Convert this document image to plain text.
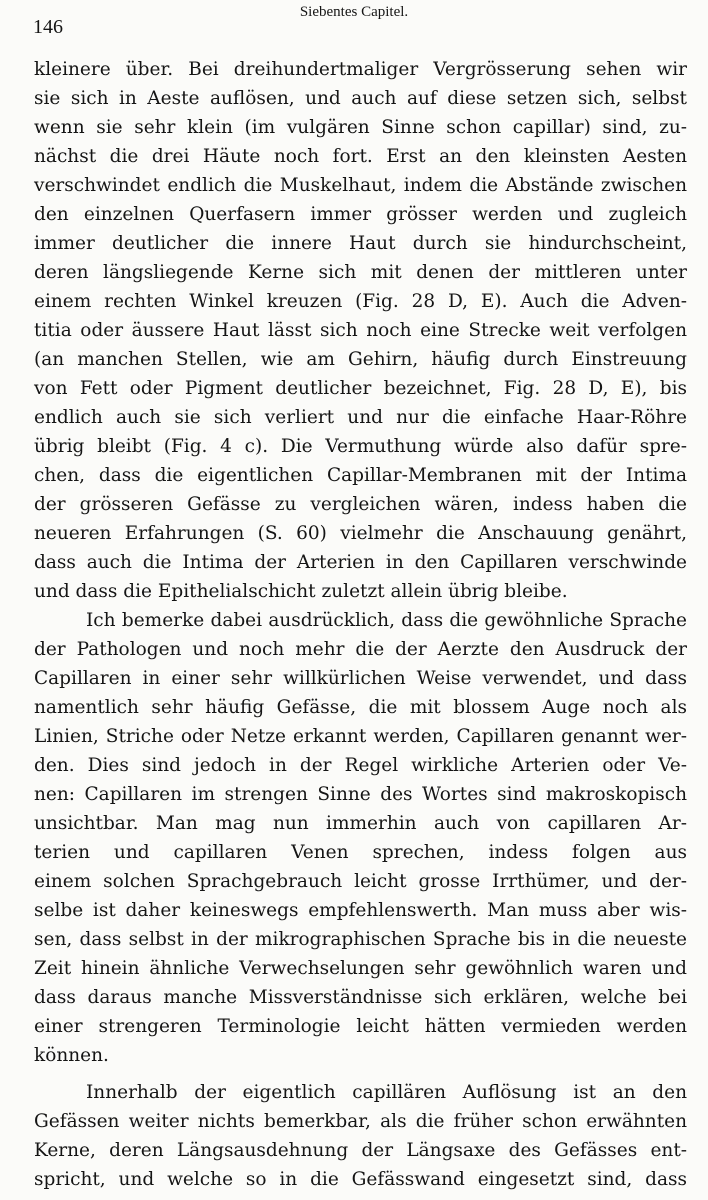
146
Siebentes Capitel.
kleinere über. Bei dreihundertmaliger Vergrösserung sehen wir
sie sich in Aeste auflösen, und auch auf diese setzen sich, selbst
wenn sie sehr klein (im vulgären Sinne schon capillar) sind, zu-
nächst die drei Häute noch fort. Erst an den kleinsten Aesten
verschwindet endlich die Muskelhaut, indem die Abstände zwischen
den einzelnen Querfasern immer grösser werden und zugleich
immer deutlicher die innere Haut durch sie hindurchscheint,
deren längsliegende Kerne sich mit denen der mittleren unter
einem rechten Winkel kreuzen (Fig. 28 D, E). Auch die Adven-
titia oder äussere Haut lässt sich noch eine Strecke weit verfolgen
(an manchen Stellen, wie am Gehirn, häufig durch Einstreuung
von Fett oder Pigment deutlicher bezeichnet, Fig. 28 D, E), bis
endlich auch sie sich verliert und nur die einfache Haar-Röhre
übrig bleibt (Fig. 4 c). Die Vermuthung würde also dafür spre-
chen, dass die eigentlichen Capillar-Membranen mit der Intima
der grösseren Gefässe zu vergleichen wären, indess haben die
neueren Erfahrungen (S. 60) vielmehr die Anschauung genährt,
dass auch die Intima der Arterien in den Capillaren verschwinde
und dass die Epithelialschicht zuletzt allein übrig bleibe.
Ich bemerke dabei ausdrücklich, dass die gewöhnliche Sprache
der Pathologen und noch mehr die der Aerzte den Ausdruck der
Capillaren in einer sehr willkürlichen Weise verwendet, und dass
namentlich sehr häufig Gefässe, die mit blossem Auge noch als
Linien, Striche oder Netze erkannt werden, Capillaren genannt wer-
den. Dies sind jedoch in der Regel wirkliche Arterien oder Ve-
nen: Capillaren im strengen Sinne des Wortes sind makroskopisch
unsichtbar. Man mag nun immerhin auch von capillaren Ar-
terien und capillaren Venen sprechen, indess folgen aus
einem solchen Sprachgebrauch leicht grosse Irrthümer, und der-
selbe ist daher keineswegs empfehlenswerth. Man muss aber wis-
sen, dass selbst in der mikrographischen Sprache bis in die neueste
Zeit hinein ähnliche Verwechselungen sehr gewöhnlich waren und
dass daraus manche Missverständnisse sich erklären, welche bei
einer strengeren Terminologie leicht hätten vermieden werden
können.
Innerhalb der eigentlich capillären Auflösung ist an den
Gefässen weiter nichts bemerkbar, als die früher schon erwähnten
Kerne, deren Längsausdehnung der Längsaxe des Gefässes ent-
spricht, und welche so in die Gefässwand eingesetzt sind, dass
